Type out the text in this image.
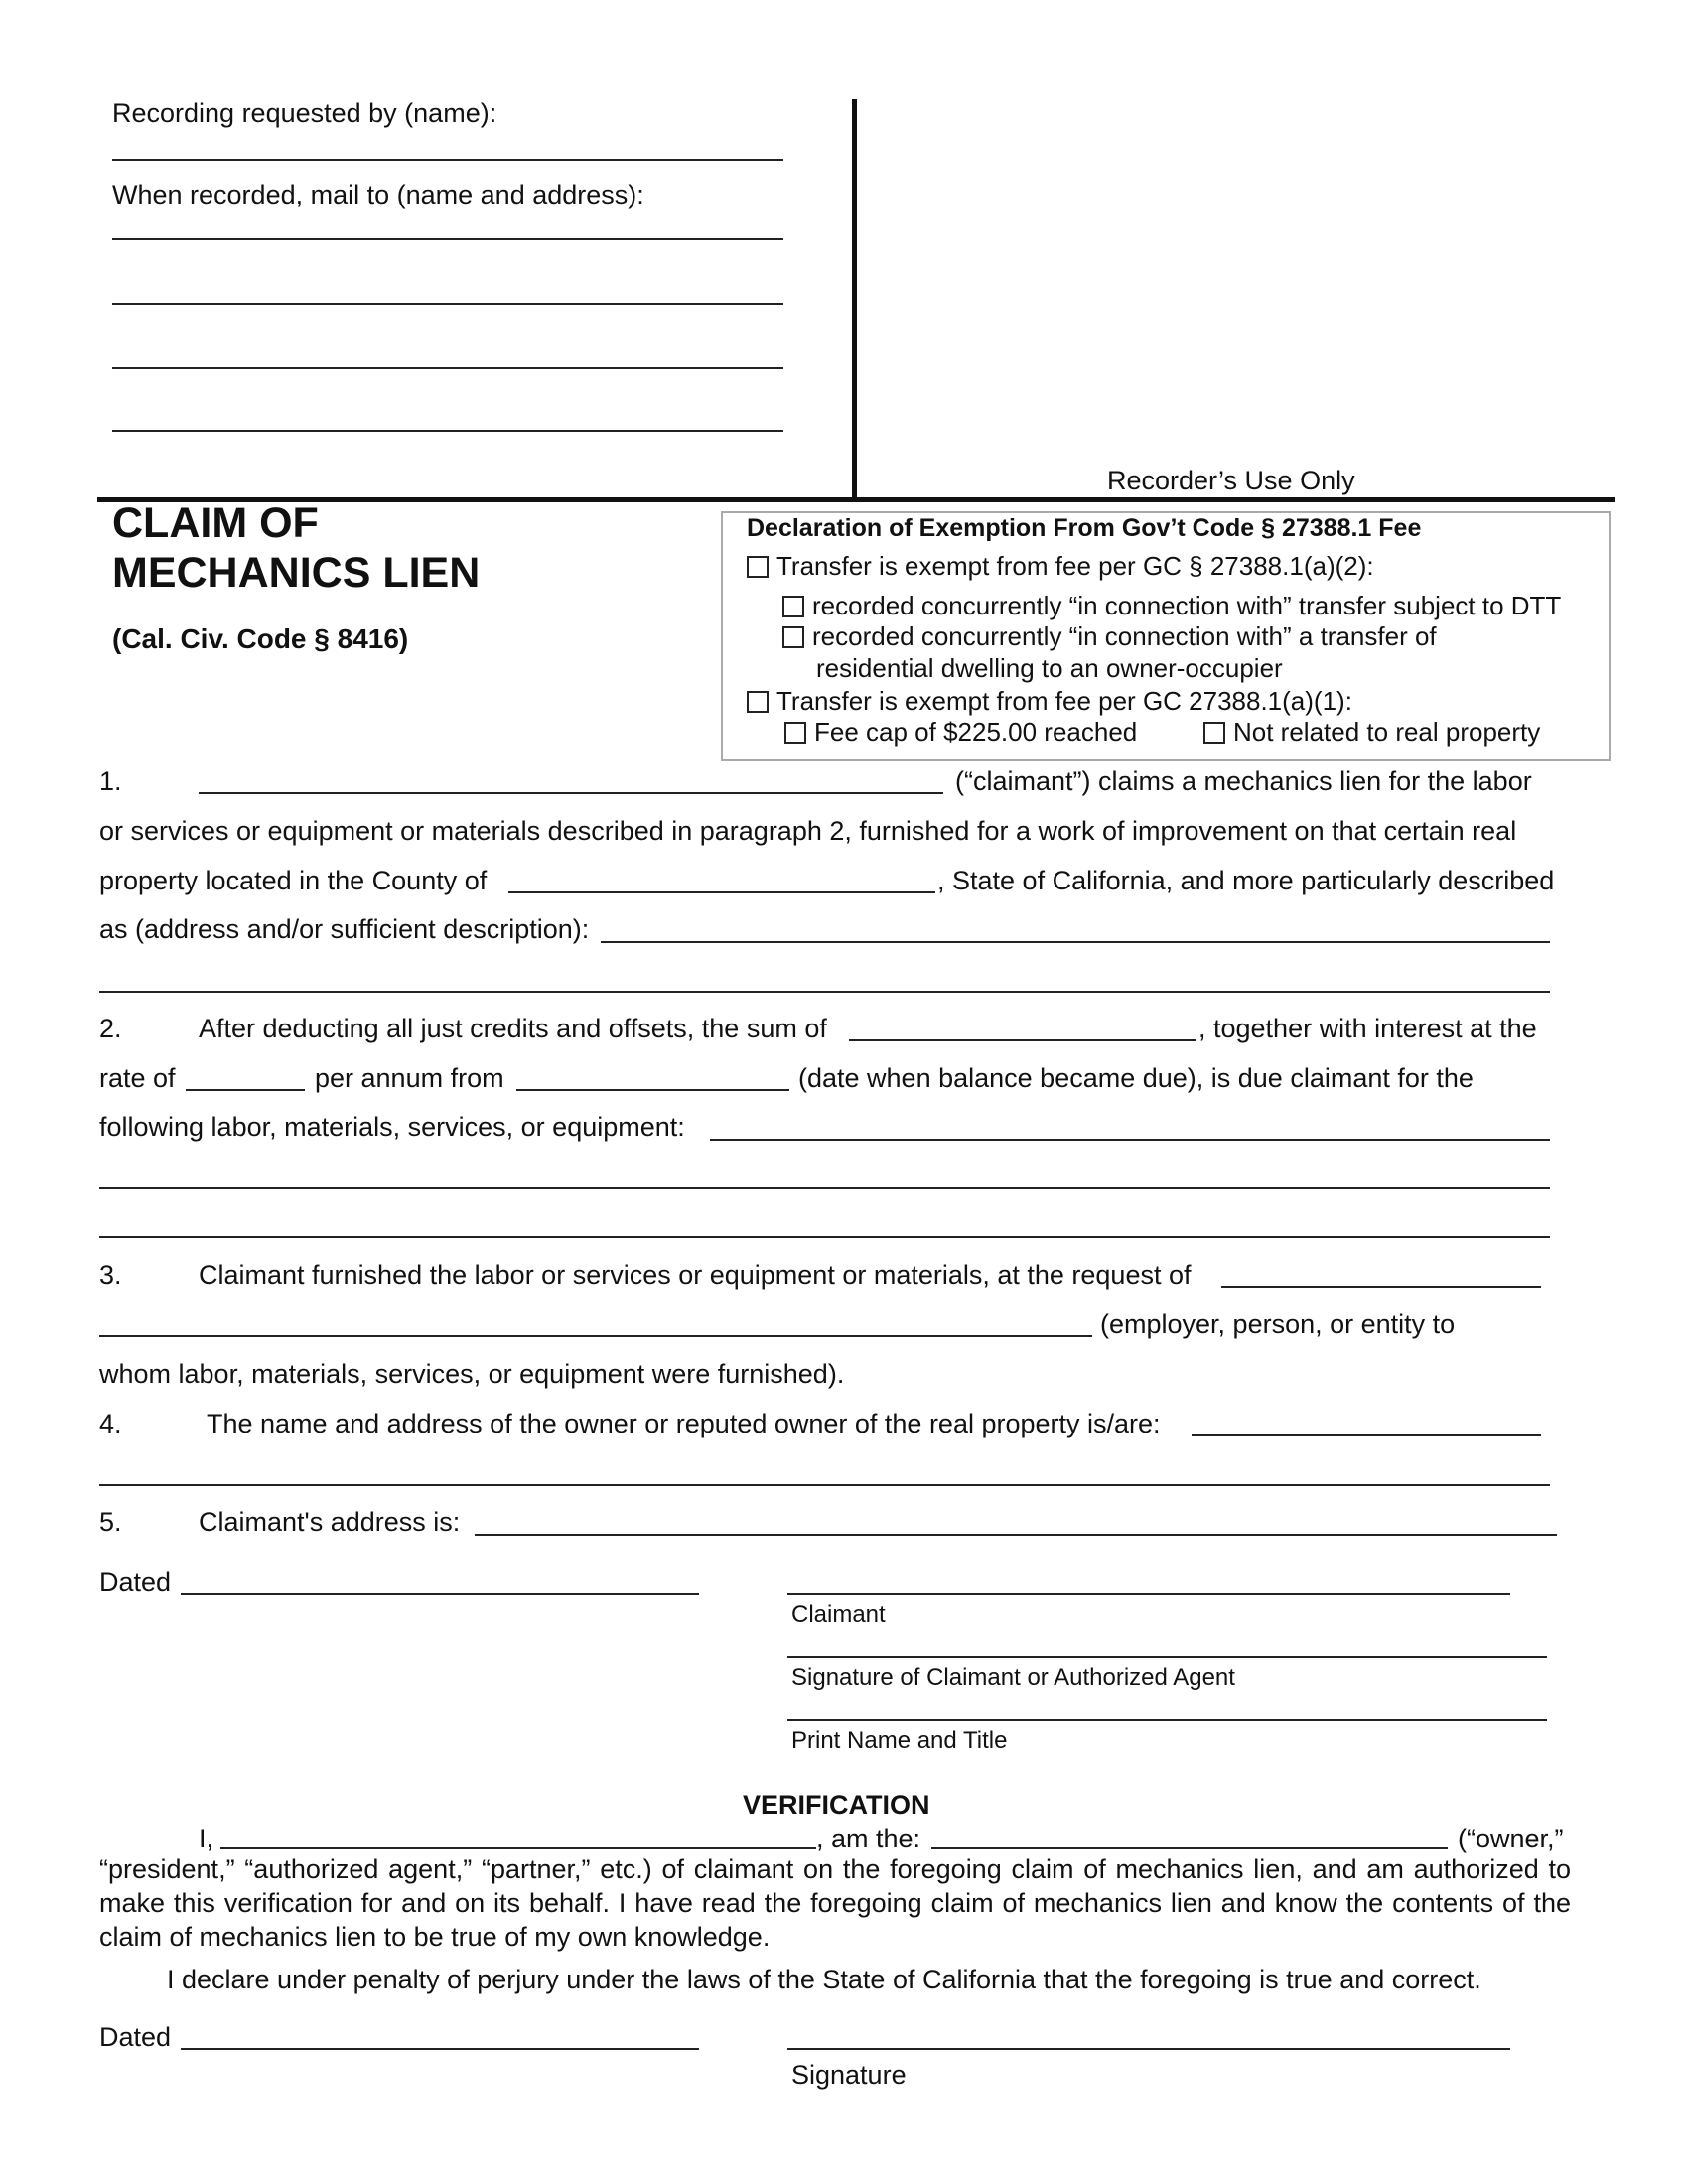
Recording requested by (name):
When recorded, mail to (name and address):
Recorder’s Use Only
CLAIM OF
MECHANICS LIEN
(Cal. Civ. Code § 8416)
Declaration of Exemption From Gov’t Code § 27388.1 Fee
Transfer is exempt from fee per GC § 27388.1(a)(2):
recorded concurrently “in connection with” transfer subject to DTT
recorded concurrently “in connection with” a transfer of
residential dwelling to an owner-occupier
Transfer is exempt from fee per GC 27388.1(a)(1):
Fee cap of $225.00 reached	Not related to real property
1.	(“claimant”) claims a mechanics lien for the labor
or services or equipment or materials described in paragraph 2, furnished for a work of improvement on that certain real
property located in the County of	, State of California, and more particularly described
as (address and/or sufficient description):
2.	After deducting all just credits and offsets, the sum of	, together with interest at the
rate of	per annum from	(date when balance became due), is due claimant for the
following labor, materials, services, or equipment:
3.	Claimant furnished the labor or services or equipment or materials, at the request of
(employer, person, or entity to
whom labor, materials, services, or equipment were furnished).
4.	The name and address of the owner or reputed owner of the real property is/are:
5.	Claimant's address is:
Dated
Claimant
Signature of Claimant or Authorized Agent
Print Name and Title
VERIFICATION
I,	, am the:	(“owner,”
“president,” “authorized agent,” “partner,” etc.) of claimant on the foregoing claim of mechanics lien, and am authorized to make this verification for and on its behalf. I have read the foregoing claim of mechanics lien and know the contents of the claim of mechanics lien to be true of my own knowledge.
I declare under penalty of perjury under the laws of the State of California that the foregoing is true and correct.
Dated
Signature
